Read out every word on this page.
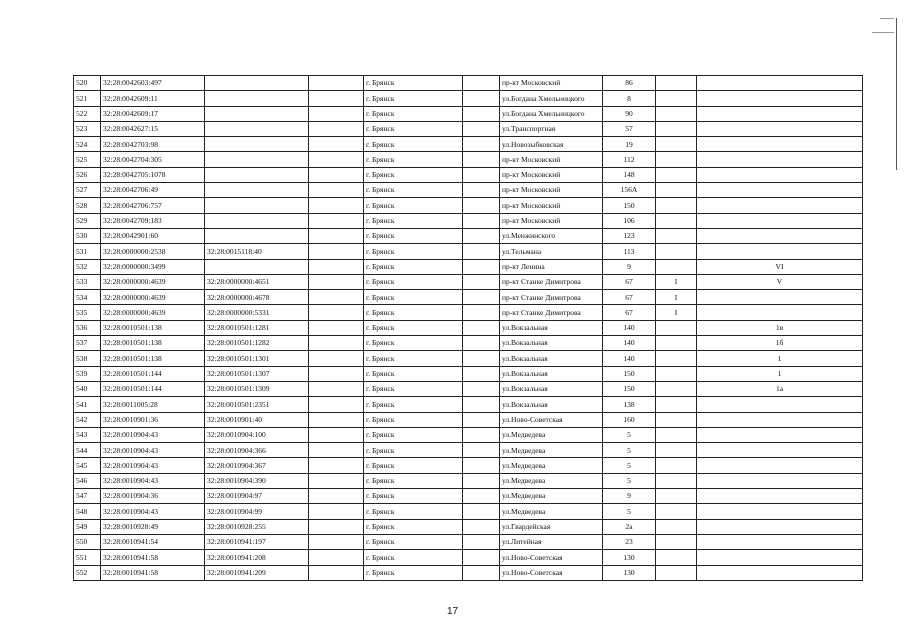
520	32:28:0042603:497			г. Брянск		пр-кт Московский	86		
521	32:28:0042609:11			г. Брянск		ул.Богдана Хмельницкого	8		
522	32:28:0042609:17			г. Брянск		ул.Богдана Хмельницкого	90		
523	32:28:0042627:15			г. Брянск		ул.Транспортная	57		
524	32:28:0042703:98			г. Брянск		ул.Новозыбковская	19		
525	32:28:0042704:305			г. Брянск		пр-кт Московский	112		
526	32:28:0042705:1078			г. Брянск		пр-кт Московский	148		
527	32:28:0042706:49			г. Брянск		пр-кт Московский	156А		
528	32:28:0042706:757			г. Брянск		пр-кт Московский	150		
529	32:28:0042709:183			г. Брянск		пр-кт Московский	106		
530	32:28:0042901:60			г. Брянск		ул.Менжинского	123		
531	32:28:0000000:2538	32:28:0015118:40		г. Брянск		ул.Тельмана	113		
532	32:28:0000000:3499			г. Брянск		пр-кт Ленина	9		VI
533	32:28:0000000:4639	32:28:0000000:4651		г. Брянск		пр-кт Станке Димитрова	67	I	V
534	32:28:0000000:4639	32:28:0000000:4678		г. Брянск		пр-кт Станке Димитрова	67	I	
535	32:28:0000000:4639	32:28:0000000:5331		г. Брянск		пр-кт Станке Димитрова	67	I	
536	32:28:0010501:138	32:28:0010501:1281		г. Брянск		ул.Вокзальная	140		1в
537	32:28:0010501:138	32:28:0010501:1282		г. Брянск		ул.Вокзальная	140		1б
538	32:28:0010501:138	32:28:0010501:1301		г. Брянск		ул.Вокзальная	140		1
539	32:28:0010501:144	32:28:0010501:1307		г. Брянск		ул.Вокзальная	150		1
540	32:28:0010501:144	32:28:0010501:1309		г. Брянск		ул.Вокзальная	150		1а
541	32:28:0011005:28	32:28:0010501:2351		г. Брянск		ул.Вокзальная	138		
542	32:28:0010901:36	32:28:0010901:40		г. Брянск		ул.Ново-Советская	160		
543	32:28:0010904:43	32:28:0010904:100		г. Брянск		ул.Медведева	5		
544	32:28:0010904:43	32:28:0010904:366		г. Брянск		ул.Медведева	5		
545	32:28:0010904:43	32:28:0010904:367		г. Брянск		ул.Медведева	5		
546	32:28:0010904:43	32:28:0010904:390		г. Брянск		ул.Медведева	5		
547	32:28:0010904:36	32:28:0010904:97		г. Брянск		ул.Медведева	9		
548	32:28:0010904:43	32:28:0010904:99		г. Брянск		ул.Медведева	5		
549	32:28:0010928:49	32:28:0010928:255		г. Брянск		ул.Гвардейская	2а		
550	32:28:0010941:54	32:28:0010941:197		г. Брянск		ул.Литейная	23		
551	32:28:0010941:58	32:28:0010941:208		г. Брянск		ул.Ново-Советская	130		
552	32:28:0010941:58	32:28:0010941:209		г. Брянск		ул.Ново-Советская	130		
17
